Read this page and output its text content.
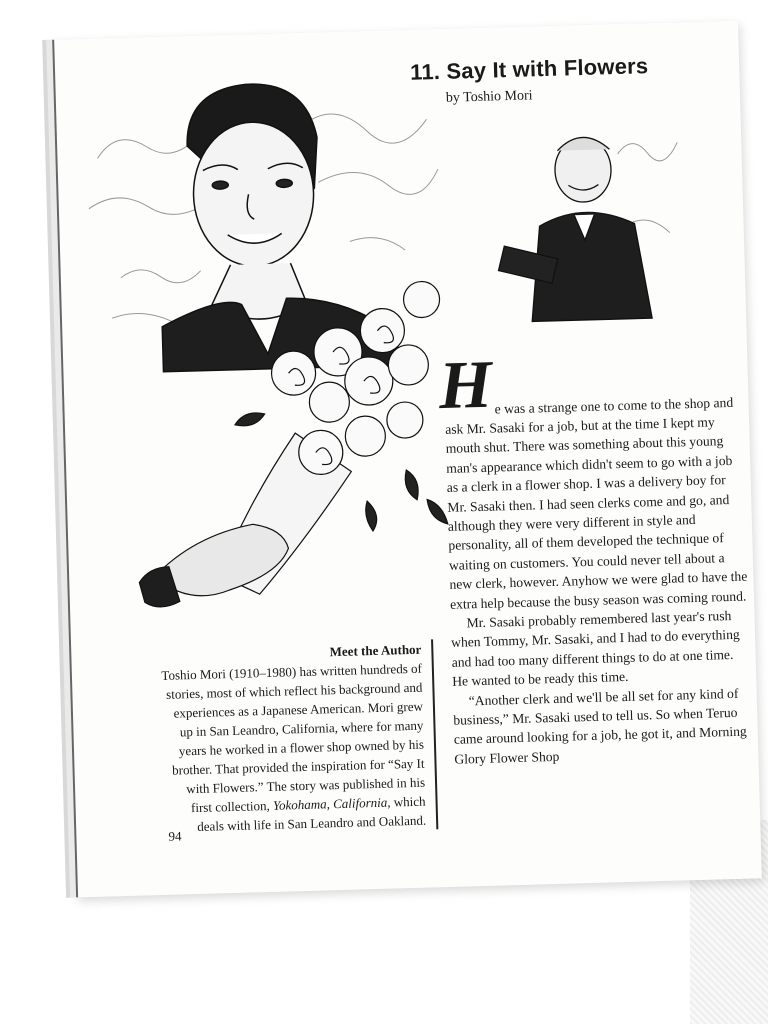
11. Say It with Flowers
by Toshio Mori
H e was a strange one to come to the shop and ask Mr. Sasaki for a job, but at the time I kept my mouth shut. There was something about this young man's appearance which didn't seem to go with a job as a clerk in a flower shop. I was a delivery boy for Mr. Sasaki then. I had seen clerks come and go, and although they were very different in style and personality, all of them developed the technique of waiting on customers. You could never tell about a new clerk, however. Anyhow we were glad to have the extra help because the busy season was coming round.

Mr. Sasaki probably remembered last year's rush when Tommy, Mr. Sasaki, and I had to do everything and had too many different things to do at one time. He wanted to be ready this time.

“Another clerk and we'll be all set for any kind of business,” Mr. Sasaki used to tell us. So when Teruo came around looking for a job, he got it, and Morning Glory Flower Shop

Meet the Author
Toshio Mori (1910–1980) has written hundreds of stories, most of which reflect his background and experiences as a Japanese American. Mori grew up in San Leandro, California, where for many years he worked in a flower shop owned by his brother. That provided the inspiration for “Say It with Flowers.” The story was published in his first collection, Yokohama, California, which deals with life in San Leandro and Oakland.
94
